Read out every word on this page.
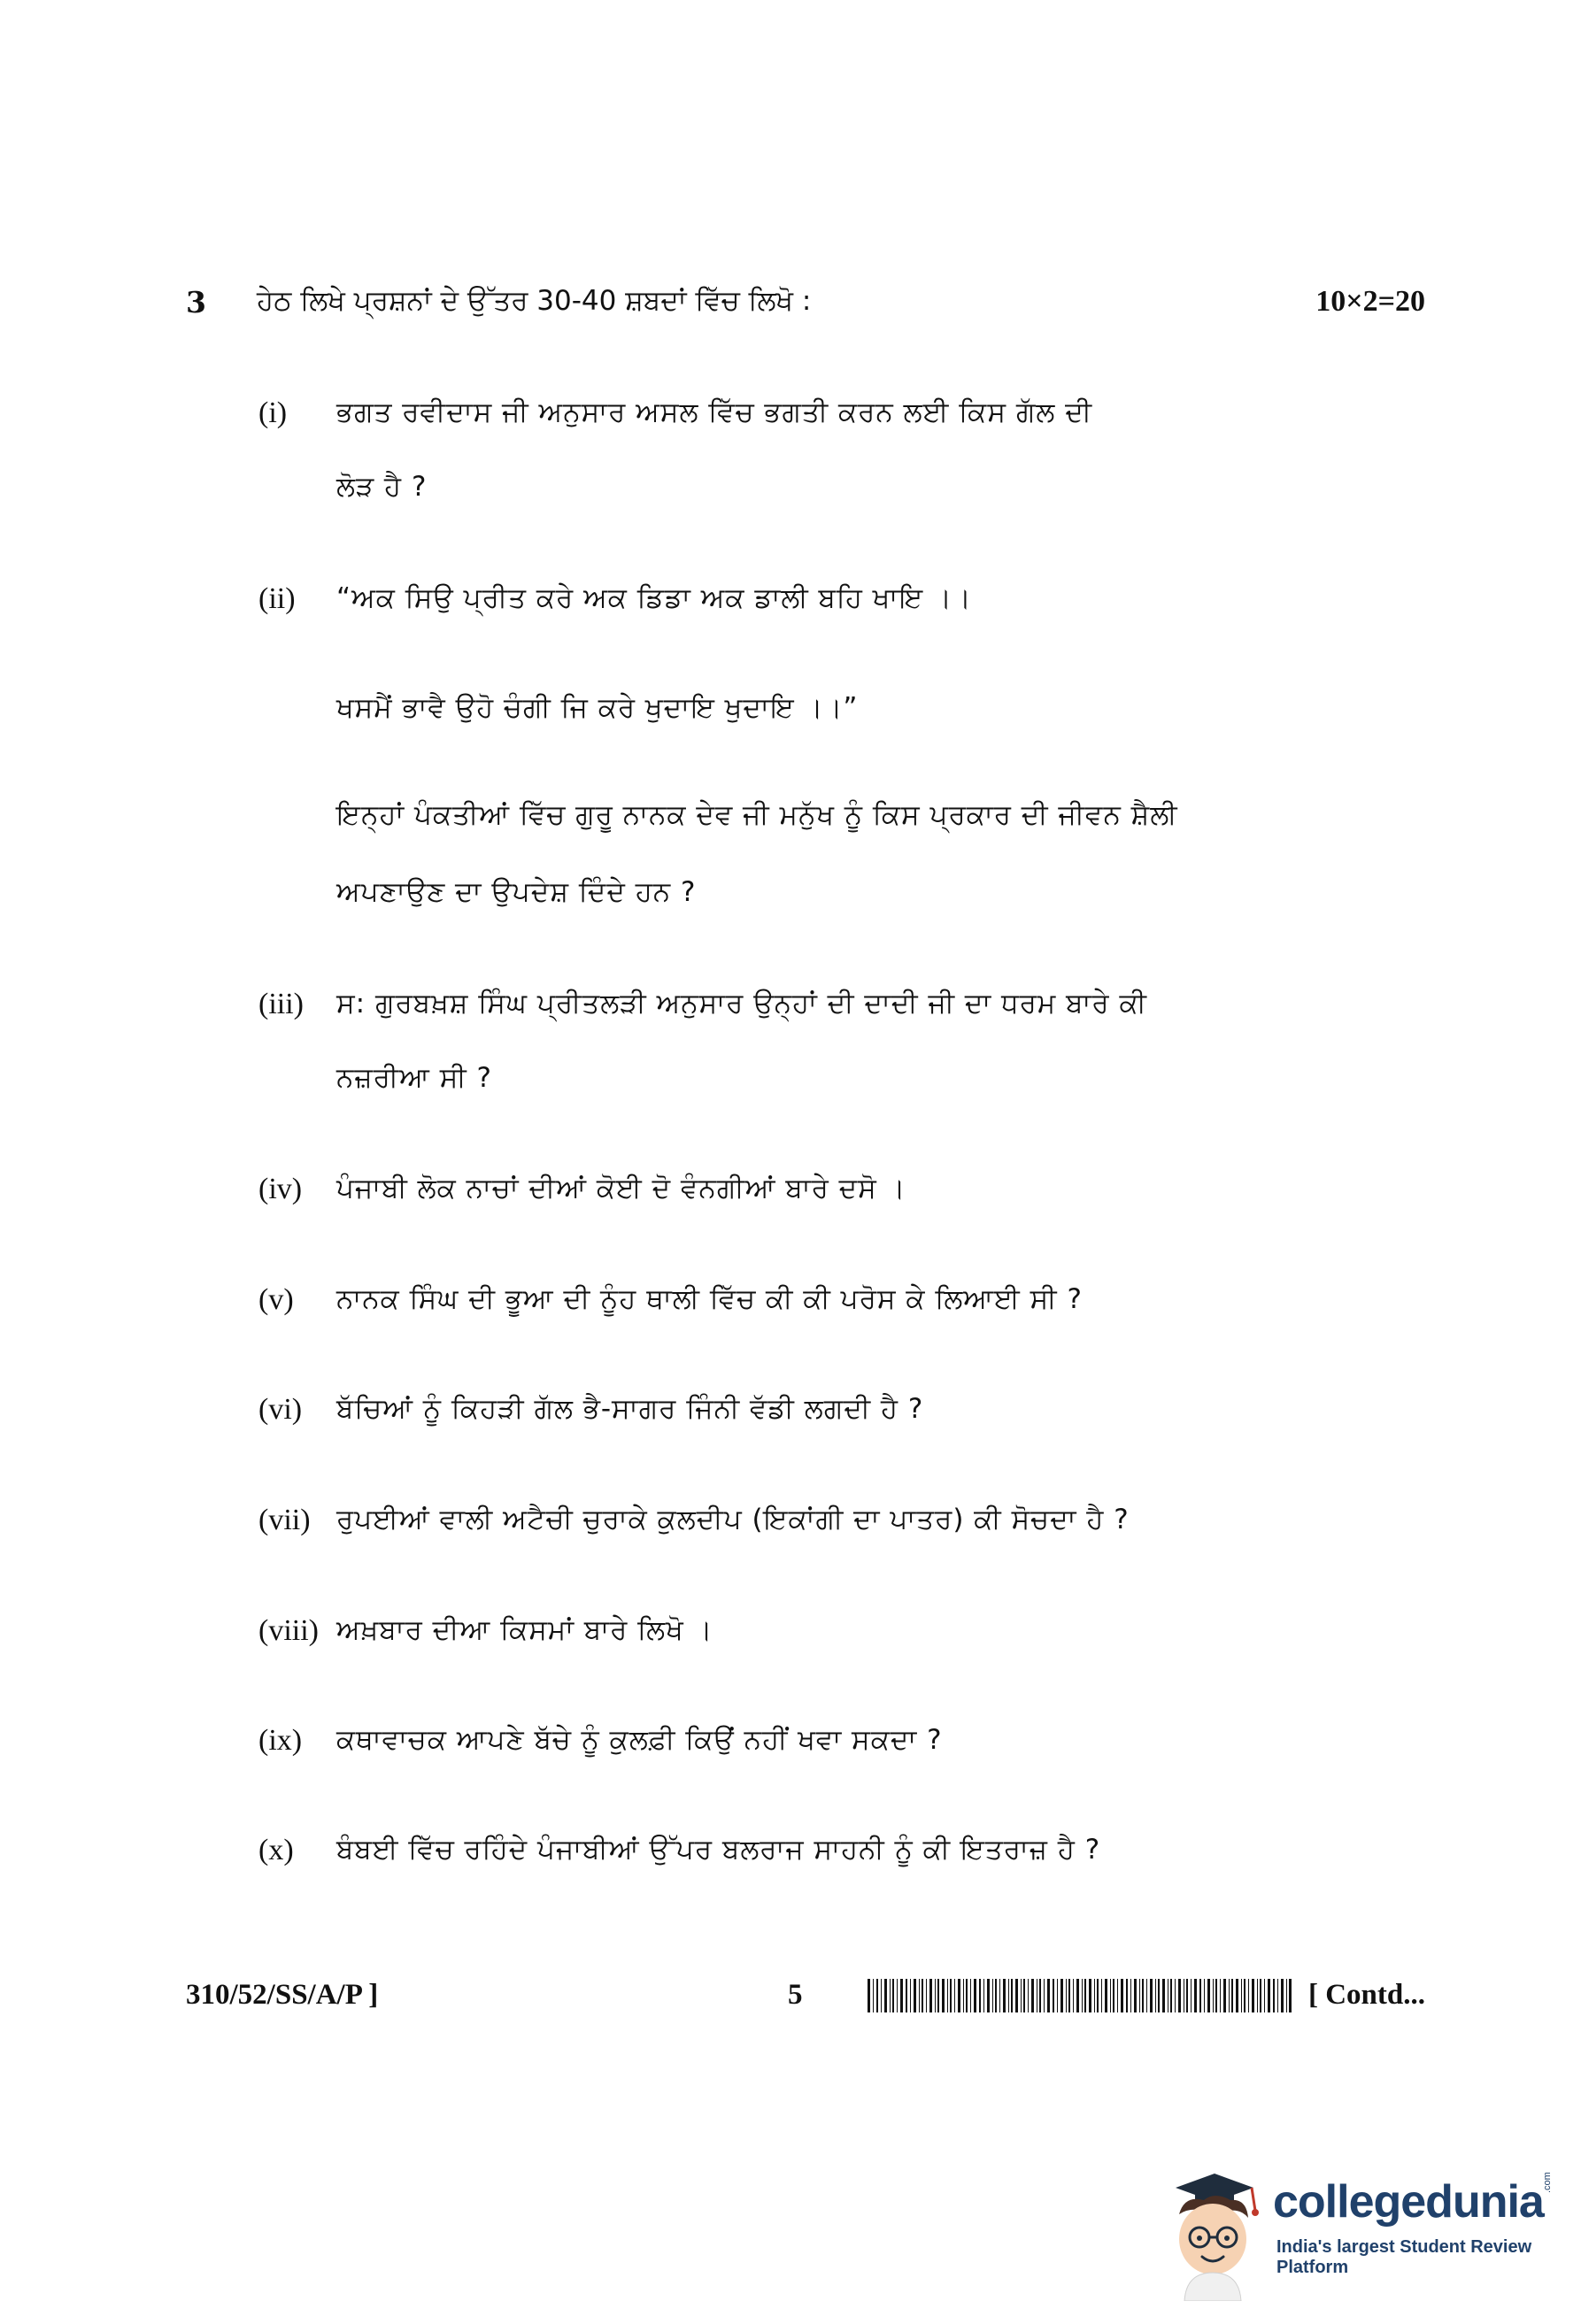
3 ਹੇਠ ਲਿਖੇ ਪ੍ਰਸ਼ਨਾਂ ਦੇ ਉੱਤਰ 30-40 ਸ਼ਬਦਾਂ ਵਿੱਚ ਲਿਖੋ :	10×2=20
(i) ਭਗਤ ਰਵੀਦਾਸ ਜੀ ਅਨੁਸਾਰ ਅਸਲ ਵਿੱਚ ਭਗਤੀ ਕਰਨ ਲਈ ਕਿਸ ਗੱਲ ਦੀ
ਲੋੜ ਹੈ ?
(ii) “ਅਕ ਸਿਉ ਪ੍ਰੀਤ ਕਰੇ ਅਕ ਡਿਡਾ ਅਕ ਡਾਲੀ ਬਹਿ ਖਾਇ ।।
ਖਸਮੈਂ ਭਾਵੈ ਉਹੋ ਚੰਗੀ ਜਿ ਕਰੇ ਖੁਦਾਇ ਖੁਦਾਇ ।।”
ਇਨ੍ਹਾਂ ਪੰਕਤੀਆਂ ਵਿੱਚ ਗੁਰੂ ਨਾਨਕ ਦੇਵ ਜੀ ਮਨੁੱਖ ਨੂੰ ਕਿਸ ਪ੍ਰਕਾਰ ਦੀ ਜੀਵਨ ਸ਼ੈਲੀ
ਅਪਣਾਉਣ ਦਾ ਉਪਦੇਸ਼ ਦਿੰਦੇ ਹਨ ?
(iii) ਸ: ਗੁਰਬਖ਼ਸ਼ ਸਿੰਘ ਪ੍ਰੀਤਲੜੀ ਅਨੁਸਾਰ ਉਨ੍ਹਾਂ ਦੀ ਦਾਦੀ ਜੀ ਦਾ ਧਰਮ ਬਾਰੇ ਕੀ
ਨਜ਼ਰੀਆ ਸੀ ?
(iv) ਪੰਜਾਬੀ ਲੋਕ ਨਾਚਾਂ ਦੀਆਂ ਕੋਈ ਦੋ ਵੰਨਗੀਆਂ ਬਾਰੇ ਦਸੋ ।
(v) ਨਾਨਕ ਸਿੰਘ ਦੀ ਭੂਆ ਦੀ ਨੂੰਹ ਥਾਲੀ ਵਿੱਚ ਕੀ ਕੀ ਪਰੋਸ ਕੇ ਲਿਆਈ ਸੀ ?
(vi) ਬੱਚਿਆਂ ਨੂੰ ਕਿਹੜੀ ਗੱਲ ਭੈ-ਸਾਗਰ ਜਿੰਨੀ ਵੱਡੀ ਲਗਦੀ ਹੈ ?
(vii) ਰੁਪਈਆਂ ਵਾਲੀ ਅਟੈਚੀ ਚੁਰਾਕੇ ਕੁਲਦੀਪ (ਇਕਾਂਗੀ ਦਾ ਪਾਤਰ) ਕੀ ਸੋਚਦਾ ਹੈ ?
(viii) ਅਖ਼ਬਾਰ ਦੀਆ ਕਿਸਮਾਂ ਬਾਰੇ ਲਿਖੋ ।
(ix) ਕਥਾਵਾਚਕ ਆਪਣੇ ਬੱਚੇ ਨੂੰ ਕੁਲਫ਼ੀ ਕਿਉਂ ਨਹੀਂ ਖਵਾ ਸਕਦਾ ?
(x) ਬੰਬਈ ਵਿੱਚ ਰਹਿੰਦੇ ਪੰਜਾਬੀਆਂ ਉੱਪਰ ਬਲਰਾਜ ਸਾਹਨੀ ਨੂੰ ਕੀ ਇਤਰਾਜ਼ ਹੈ ?
310/52/SS/A/P ]	5	[ Contd...
collegedunia
.com
India's largest Student Review Platform
